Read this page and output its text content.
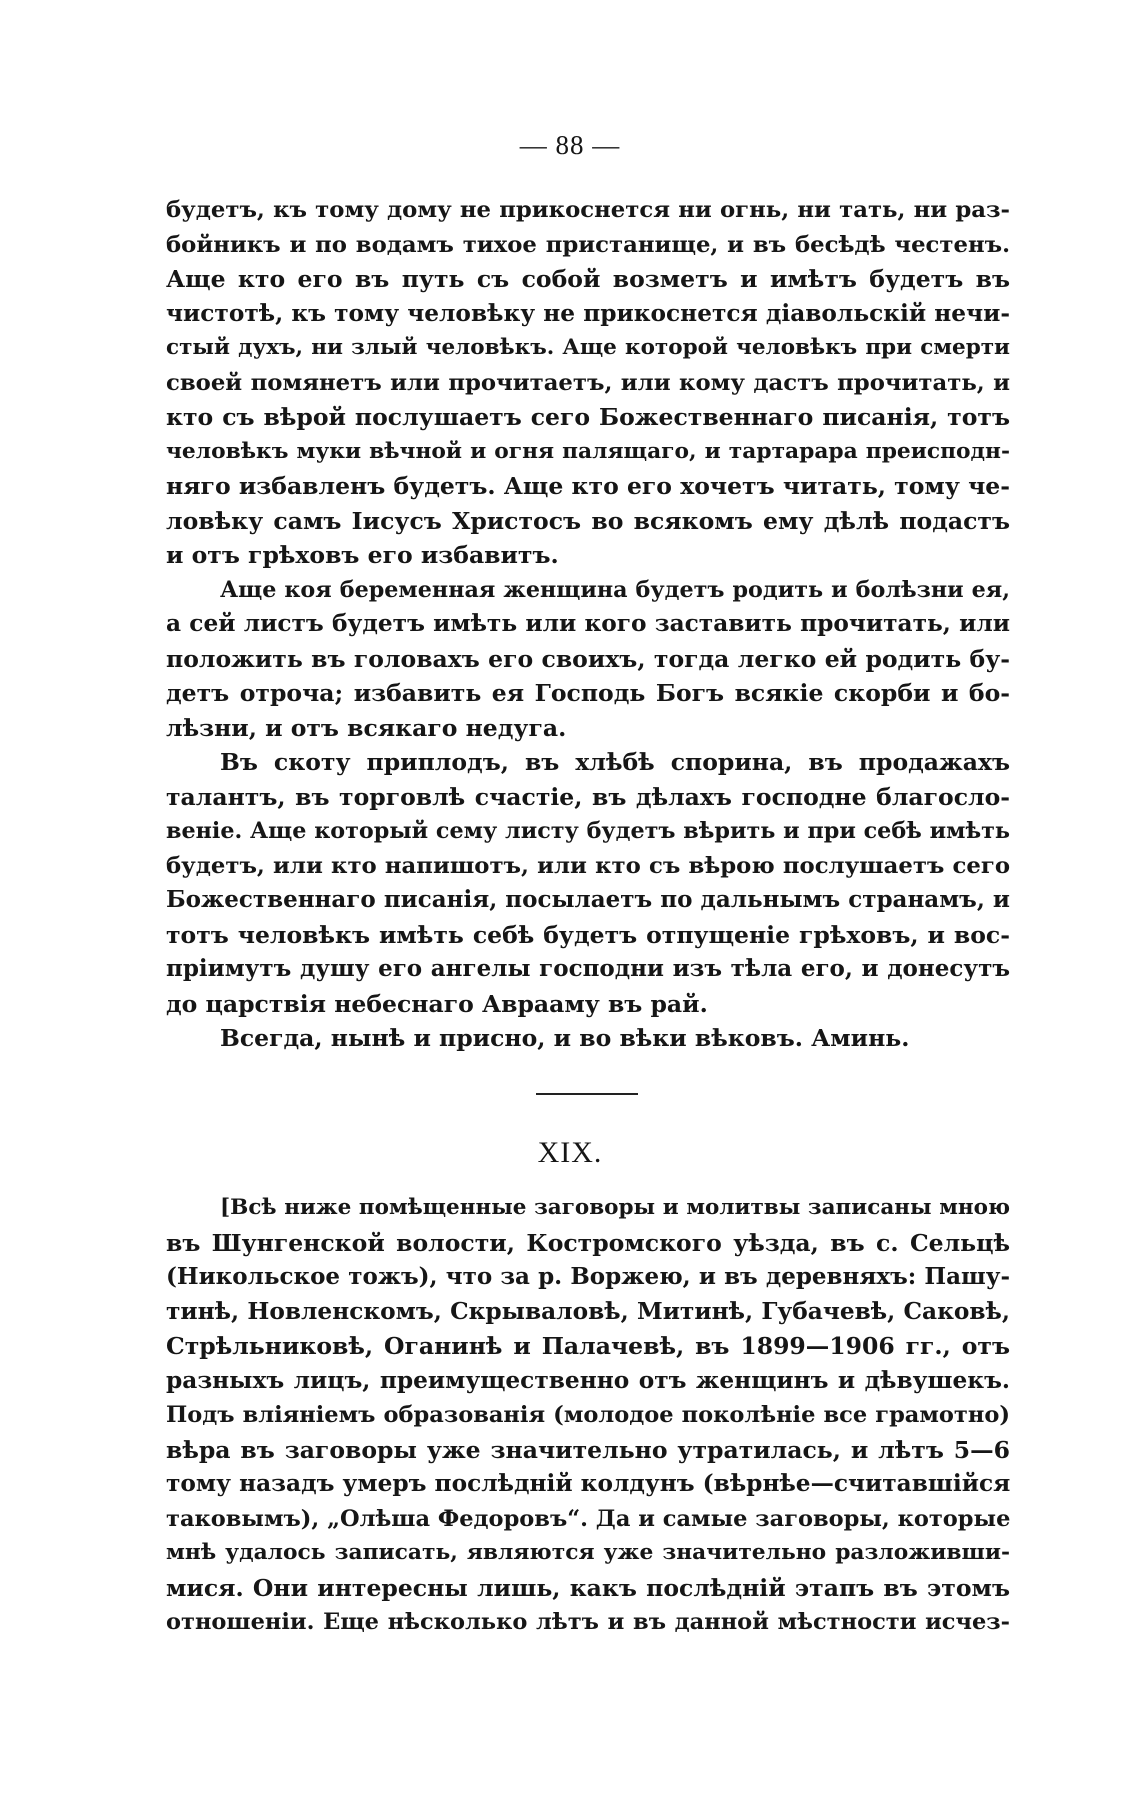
— 88 —
будетъ, къ тому дому не прикоснется ни огнь, ни тать, ни раз-
бойникъ и по водамъ тихое пристанище, и въ бесѣдѣ честенъ.
Аще кто его въ путь съ собой возметъ и имѣтъ будетъ въ
чистотѣ, къ тому человѣку не прикоснется діавольскій нечи-
стый духъ, ни злый человѣкъ. Аще которой человѣкъ при смерти
своей помянетъ или прочитаетъ, или кому дастъ прочитать, и
кто съ вѣрой послушаетъ сего Божественнаго писанія, тотъ
человѣкъ муки вѣчной и огня палящаго, и тартарара преисподн-
няго избавленъ будетъ. Аще кто его хочетъ читать, тому че-
ловѣку самъ Іисусъ Христосъ во всякомъ ему дѣлѣ подастъ
и отъ грѣховъ его избавитъ.
Аще коя беременная женщина будетъ родить и болѣзни ея,
а сей листъ будетъ имѣть или кого заставить прочитать, или
положить въ головахъ его своихъ, тогда легко ей родить бу-
детъ отроча; избавить ея Господь Богъ всякіе скорби и бо-
лѣзни, и отъ всякаго недуга.
Въ скоту приплодъ, въ хлѣбѣ спорина, въ продажахъ
талантъ, въ торговлѣ счастіе, въ дѣлахъ господне благосло-
веніе. Аще который сему листу будетъ вѣрить и при себѣ имѣть
будетъ, или кто напишотъ, или кто съ вѣрою послушаетъ сего
Божественнаго писанія, посылаетъ по дальнымъ странамъ, и
тотъ человѣкъ имѣть себѣ будетъ отпущеніе грѣховъ, и вос-
пріимутъ душу его ангелы господни изъ тѣла его, и донесутъ
до царствія небеснаго Аврааму въ рай.
Всегда, нынѣ и присно, и во вѣки вѣковъ. Аминь.
XIX.
[Всѣ ниже помѣщенные заговоры и молитвы записаны мною
въ Шунгенской волости, Костромского уѣзда, въ с. Сельцѣ
(Никольское тожъ), что за р. Воржею, и въ деревняхъ: Пашу-
тинѣ, Новленскомъ, Скрываловѣ, Митинѣ, Губачевѣ, Саковѣ,
Стрѣльниковѣ, Оганинѣ и Палачевѣ, въ 1899—1906 гг., отъ
разныхъ лицъ, преимущественно отъ женщинъ и дѣвушекъ.
Подъ вліяніемъ образованія (молодое поколѣніе все грамотно)
вѣра въ заговоры уже значительно утратилась, и лѣтъ 5—6
тому назадъ умеръ послѣдній колдунъ (вѣрнѣе—считавшійся
таковымъ), „Олѣша Федоровъ“. Да и самые заговоры, которые
мнѣ удалось записать, являются уже значительно разложивши-
мися. Они интересны лишь, какъ послѣдній этапъ въ этомъ
отношеніи. Еще нѣсколько лѣтъ и въ данной мѣстности исчез-
